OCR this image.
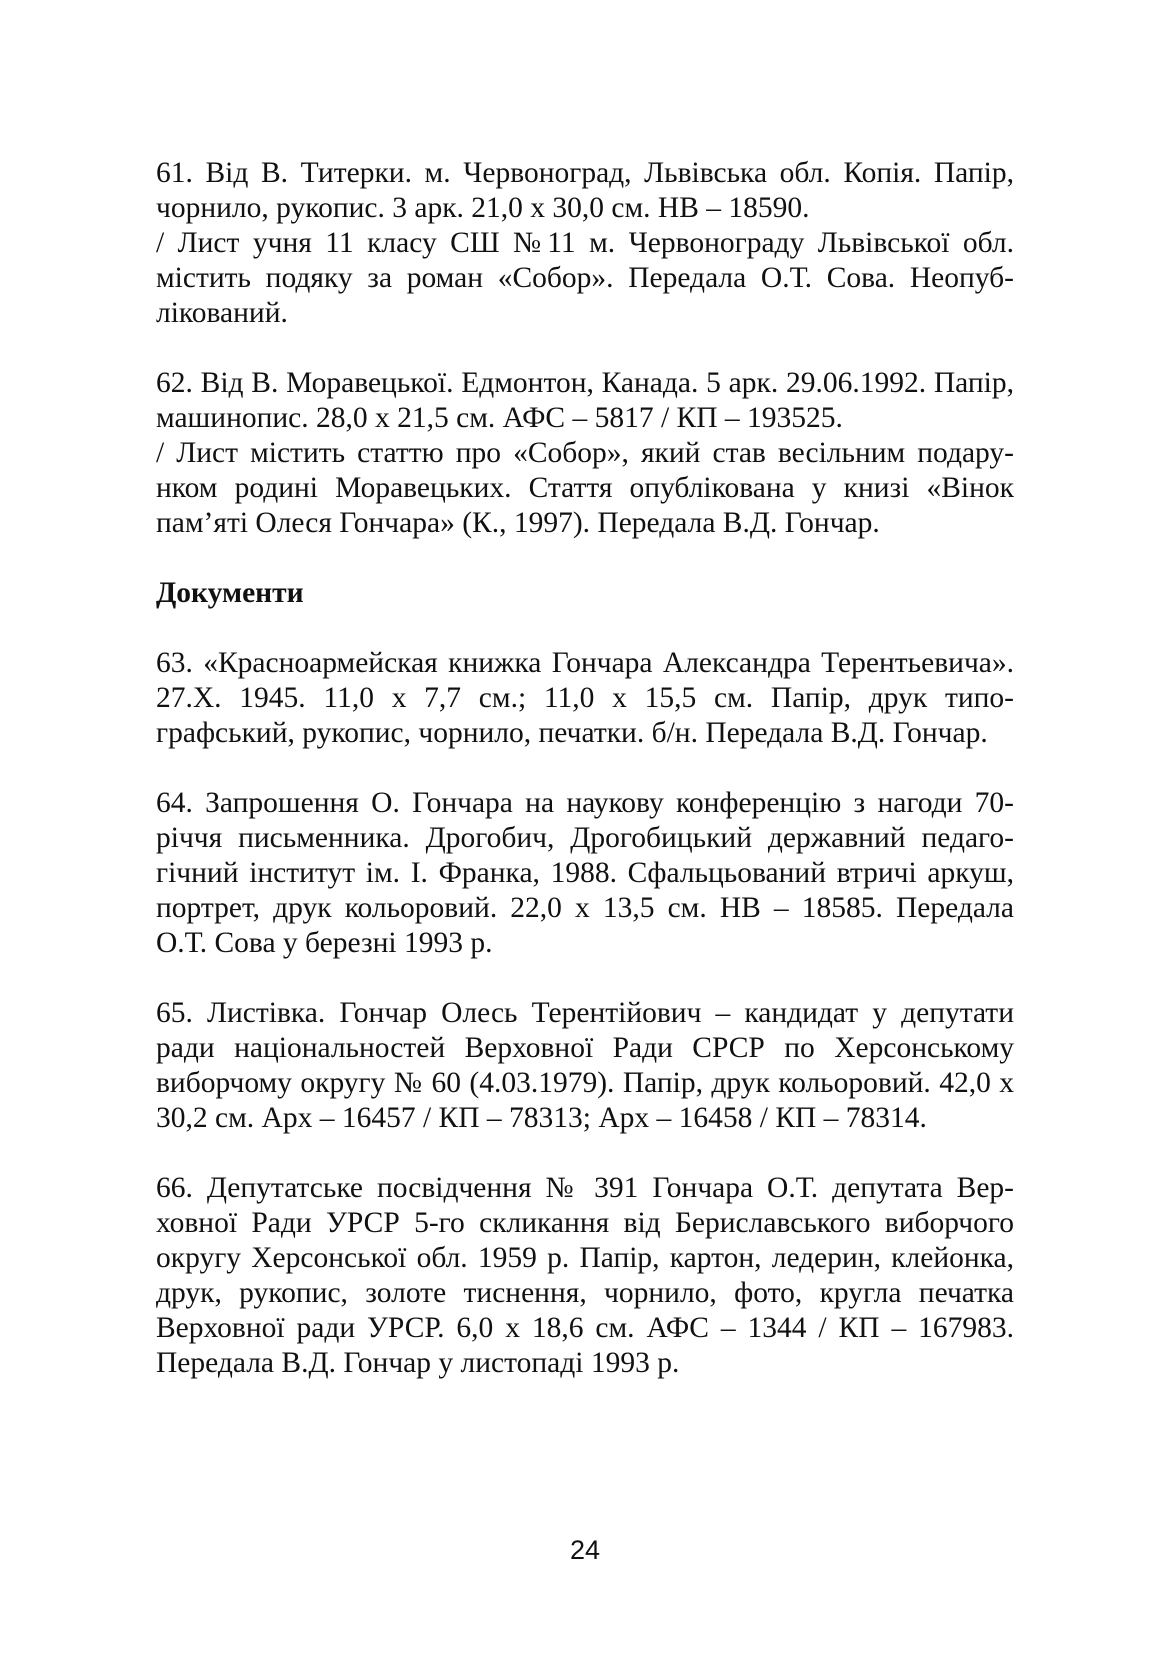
61. Від В. Титерки. м. Червоноград, Львівська обл. Копія. Папір, чорнило, рукопис. 3 арк. 21,0 х 30,0 см. НВ – 18590.

/ Лист учня 11 класу СШ №11 м. Червонограду Львівської обл. містить подяку за роман «Собор». Передала О.Т. Сова. Неопублікований.

62. Від В. Моравецької. Едмонтон, Канада. 5 арк. 29.06.1992. Папір, машинопис. 28,0 х 21,5 см. АФС – 5817 / КП – 193525.

/ Лист містить статтю про «Собор», який став весільним подарунком родині Моравецьких. Стаття опублікована у книзі «Вінок пам’яті Олеся Гончара» (К., 1997). Передала В.Д. Гончар.

Документи

63. «Красноармейская книжка Гончара Александра Терентьевича». 27.X. 1945. 11,0 х 7,7 см.; 11,0 х 15,5 см. Папір, друк типографський, рукопис, чорнило, печатки. б/н. Передала В.Д. Гончар.

64. Запрошення О. Гончара на наукову конференцію з нагоди 70-річчя письменника. Дрогобич, Дрогобицький державний педагогічний інститут ім. І. Франка, 1988. Сфальцьований втричі аркуш, портрет, друк кольоровий. 22,0 х 13,5 см. НВ – 18585. Передала О.Т. Сова у березні 1993 р.

65. Листівка. Гончар Олесь Терентійович – кандидат у депутати ради національностей Верховної Ради СРСР по Херсонському виборчому округу № 60 (4.03.1979). Папір, друк кольоровий. 42,0 х 30,2 см. Арх – 16457 / КП – 78313; Арх – 16458 / КП – 78314.

66. Депутатське посвідчення № 391 Гончара О.Т. депутата Верховної Ради УРСР 5-го скликання від Бериславського виборчого округу Херсонської обл. 1959 р. Папір, картон, ледерин, клейонка, друк, рукопис, золоте тиснення, чорнило, фото, кругла печатка Верховної ради УРСР. 6,0 х 18,6 см. АФС – 1344 / КП – 167983. Передала В.Д. Гончар у листопаді 1993 р.

24
